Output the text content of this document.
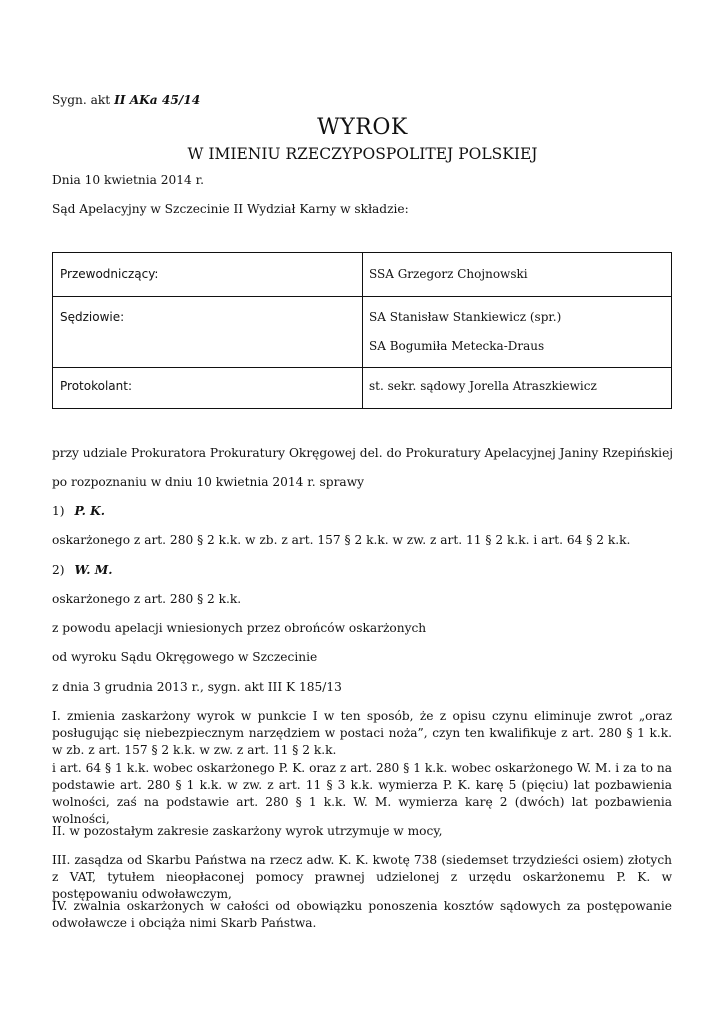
Sygn. akt II AKa 45/14
WYROK
W IMIENIU RZECZYPOSPOLITEJ POLSKIEJ
Dnia 10 kwietnia 2014 r.
Sąd Apelacyjny w Szczecinie II Wydział Karny w składzie:
Przewodniczący:	SSA Grzegorz Chojnowski
Sędziowie:	SA Stanisław Stankiewicz (spr.)
SA Bogumiła Metecka-Draus
Protokolant:	st. sekr. sądowy Jorella Atraszkiewicz
przy udziale Prokuratora Prokuratury Okręgowej del. do Prokuratury Apelacyjnej Janiny Rzepińskiej
po rozpoznaniu w dniu 10 kwietnia 2014 r. sprawy
1) P. K.
oskarżonego z art. 280 § 2 k.k. w zb. z art. 157 § 2 k.k. w zw. z art. 11 § 2 k.k. i art. 64 § 2 k.k.
2) W. M.
oskarżonego z art. 280 § 2 k.k.
z powodu apelacji wniesionych przez obrońców oskarżonych
od wyroku Sądu Okręgowego w Szczecinie
z dnia 3 grudnia 2013 r., sygn. akt III K 185/13
I. zmienia zaskarżony wyrok w punkcie I w ten sposób, że z opisu czynu eliminuje zwrot „oraz posługując się niebezpiecznym narzędziem w postaci noża”, czyn ten kwalifikuje z art. 280 § 1 k.k. w zb. z art. 157 § 2 k.k. w zw. z art. 11 § 2 k.k.
i art. 64 § 1 k.k. wobec oskarżonego P. K. oraz z art. 280 § 1 k.k. wobec oskarżonego W. M. i za to na podstawie art. 280 § 1 k.k. w zw. z art. 11 § 3 k.k. wymierza P. K. karę 5 (pięciu) lat pozbawienia wolności, zaś na podstawie art. 280 § 1 k.k. W. M. wymierza karę 2 (dwóch) lat pozbawienia wolności,
II. w pozostałym zakresie zaskarżony wyrok utrzymuje w mocy,
III. zasądza od Skarbu Państwa na rzecz adw. K. K. kwotę 738 (siedemset trzydzieści osiem) złotych z VAT, tytułem nieopłaconej pomocy prawnej udzielonej z urzędu oskarżonemu P. K. w postępowaniu odwoławczym,
IV. zwalnia oskarżonych w całości od obowiązku ponoszenia kosztów sądowych za postępowanie odwoławcze i obciąża nimi Skarb Państwa.
